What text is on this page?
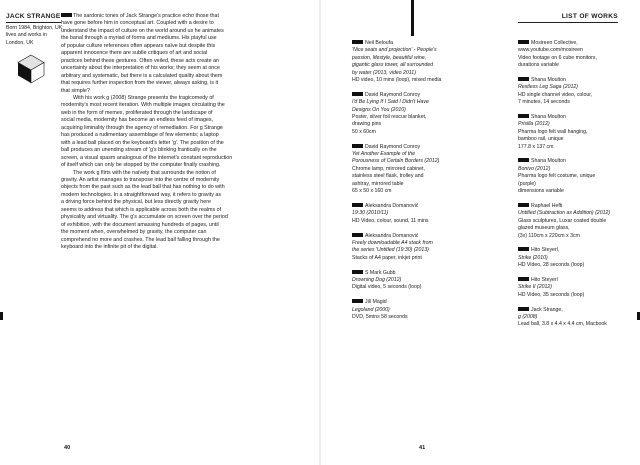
JACK STRANGE
Born 1984, Brighton, UK;
lives and works in
London, UK

The sardonic tones of Jack Strange's practice echo those that
have gone before him in conceptual art. Coupled with a desire to
understand the impact of culture on the world around us he animates
the banal through a myriad of forms and mediums. His playful use
of popular culture references often appears naïve but despite this
apparent innocence there are subtle critiques of art and social
practices behind these gestures. Often veiled, these acts create an
uncertainty about the interpretation of his works; they seem at once
arbitrary and systematic, but there is a calculated quality about them
that requires further inspection from the viewer, always asking, is it
that simple?

With his work g (2008) Strange presents the tragicomedy of
modernity's most recent iteration. With multiple images circulating the
web in the form of memes, proliferated through the landscape of
social media, modernity has become an endless feed of images,
acquiring liminality through the agency of remediation. For g Strange
has produced a rudimentary assemblage of few elements; a laptop
with a lead ball placed on the keyboard's letter 'g'. The position of the
ball produces an unending stream of 'g's blinking frantically on the
screen, a visual spasm analogous of the internet's constant reproduction
of itself which can only be stopped by the computer finally crashing.

The work g flirts with the naïvety that surrounds the notion of
gravity. An artist manages to transpose into the centre of modernity
objects from the past such as the lead ball that has nothing to do with
modern technologies. In a straightforward way, it refers to gravity as
a driving force behind the physical, but less directly gravity here
seems to address that which is applicable across both the realms of
physicality and virtuality. The g's accumulate on screen over the period
of exhibition, with the document amassing hundreds of pages, until
the moment when, overwhelmed by gravity, the computer can
comprehend no more and crashes. The lead ball falling through the
keyboard into the infinite pit of the digital.

40
LIST OF WORKS
Neil Beloufa
'Nice seats and projection' - People's
passion, lifestyle, beautiful wine,
gigantic glass tower, all surrounded
by water (2013, video 2011)
HD video, 10 mins (loop), mixed media
David Raymond Conroy
I'd Be Lying If I Said I Didn't Have
Designs On You (2010)
Poster, silver foil rescue blanket,
drawing pins
50 x 60cm
David Raymond Conroy
Yet Another Example of the
Porousness of Certain Borders (2012)
Chrome lamp, mirrored cabinet,
stainless steel flask, trolley and
ashtray, mirrored table
65 x 50 x 160 cm
Aleksandra Domanović
19:30 (2010/11)
HD Video, colour, sound, 11 mins
Aleksandra Domanović
Freely downloadable A4 stack from
the series 'Untitled (19:30) (2013)
Stacks of A4 paper, inkjet print
S Mark Gubb
Drowning Dog (2012)
Digital video, 5 seconds (loop)
Jill Magid
Legoland (2000)
DVD, 5mins 58 seconds
Mosireen Collective,
www.youtube.com/mosireen
Video footage on 6 cube monitors,
durations variable
Shana Moulton
Restless Leg Saga (2012)
HD single channel video, colour,
7 minutes, 14 seconds
Shana Moulton
Prisilla (2012)
Pharma logo felt wall hanging,
bamboo rail, unique
177.8 x 137 cm
Shana Moulton
Bonivo (2012)
Pharma logo felt costume, unique
(purple)
dimensions variable
Raphael Hefti
Untitled (Subtraction as Addition) (2012)
Glass sculptures, Luxar coated double
glazed museum glass,
(3x) 110cm x 220cm x 3cm
Hito Steyerl,
Strike (2010)
HD Video, 28 seconds (loop)
Hito Steyerl
Strike II (2012)
HD Video, 35 seconds (loop)
Jack Strange,
g (2008)
Lead ball, 3.8 x 4.4 x 4.4 cm, Macbook
41
